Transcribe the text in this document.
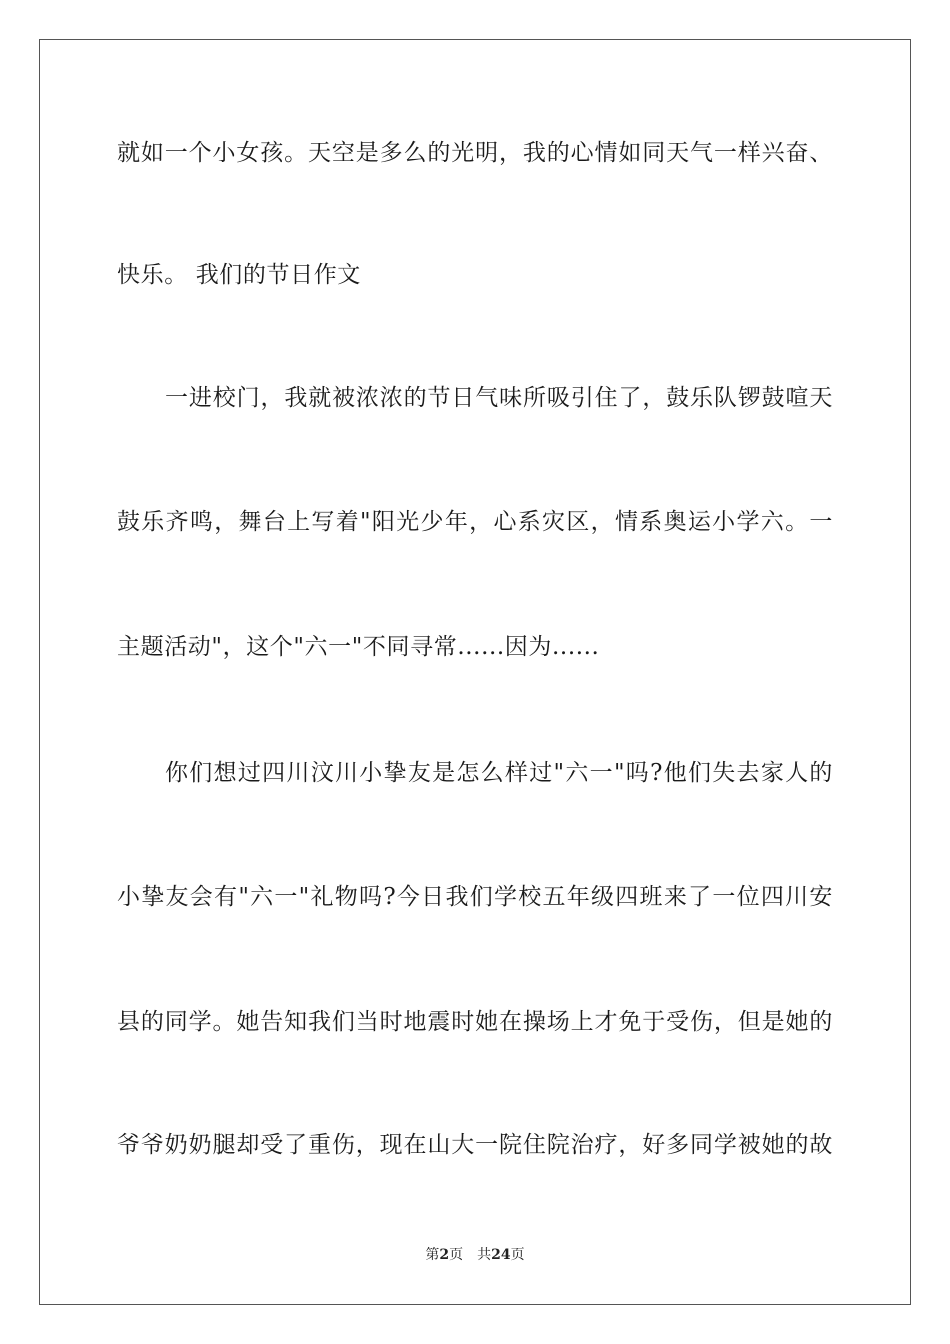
就如一个小女孩。天空是多么的光明，我的心情如同天气一样兴奋、
快乐。 我们的节日作文
一进校门，我就被浓浓的节日气味所吸引住了，鼓乐队锣鼓喧天
鼓乐齐鸣，舞台上写着"阳光少年，心系灾区，情系奥运小学六。一
主题活动"，这个"六一"不同寻常......因为......
你们想过四川汶川小挚友是怎么样过"六一"吗?他们失去家人的
小挚友会有"六一"礼物吗?今日我们学校五年级四班来了一位四川安
县的同学。她告知我们当时地震时她在操场上才免于受伤，但是她的
爷爷奶奶腿却受了重伤，现在山大一院住院治疗，好多同学被她的故
第2页 共24页
